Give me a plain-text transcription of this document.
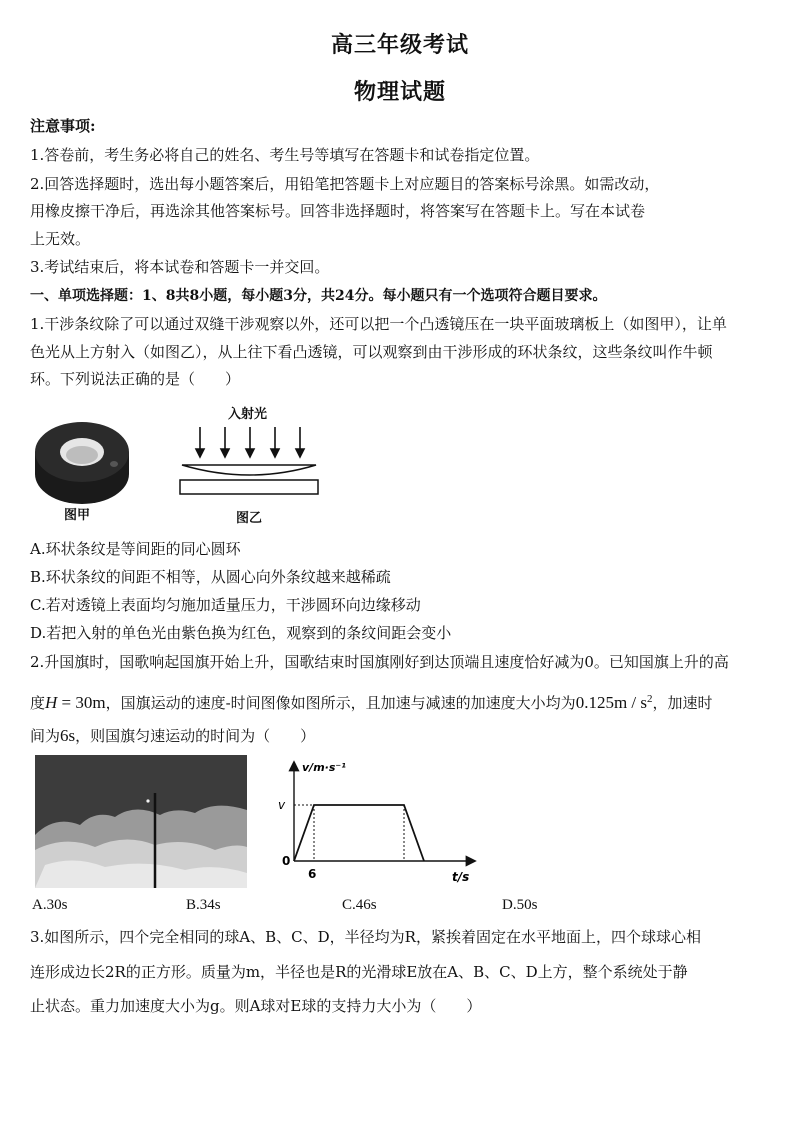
高三年级考试
物理试题
注意事项:
1.答卷前，考生务必将自己的姓名、考生号等填写在答题卡和试卷指定位置。
2.回答选择题时，选出每小题答案后，用铅笔把答题卡上对应题目的答案标号涂黑。如需改动，
用橡皮擦干净后，再选涂其他答案标号。回答非选择题时，将答案写在答题卡上。写在本试卷
上无效。
3.考试结束后，将本试卷和答题卡一并交回。
一、单项选择题：1、8共8小题，每小题3分，共24分。每小题只有一个选项符合题目要求。
1.干涉条纹除了可以通过双缝干涉观察以外，还可以把一个凸透镜压在一块平面玻璃板上（如图甲），让单
色光从上方射入（如图乙），从上往下看凸透镜，可以观察到由干涉形成的环状条纹，这些条纹叫作牛顿
环。下列说法正确的是（　　）
图甲
入射光
图乙
A.环状条纹是等间距的同心圆环
B.环状条纹的间距不相等，从圆心向外条纹越来越稀疏
C.若对透镜上表面均匀施加适量压力，干涉圆环向边缘移动
D.若把入射的单色光由紫色换为红色，观察到的条纹间距会变小
2.升国旗时，国歌响起国旗开始上升，国歌结束时国旗刚好到达顶端且速度恰好减为0。已知国旗上升的高
度H = 30m，国旗运动的速度-时间图像如图所示，且加速与减速的加速度大小均为$0.125m / s^2$，加速时
间为6s，则国旗匀速运动的时间为（　　）
v/m·s⁻¹
t/s
v
0
6
A.30s	B.34s	C.46s	D.50s
3.如图所示，四个完全相同的球A、B、C、D，半径均为R，紧挨着固定在水平地面上，四个球球心相
连形成边长2R的正方形。质量为m，半径也是R的光滑球E放在A、B、C、D上方，整个系统处于静
止状态。重力加速度大小为g。则A球对E球的支持力大小为（　　）
